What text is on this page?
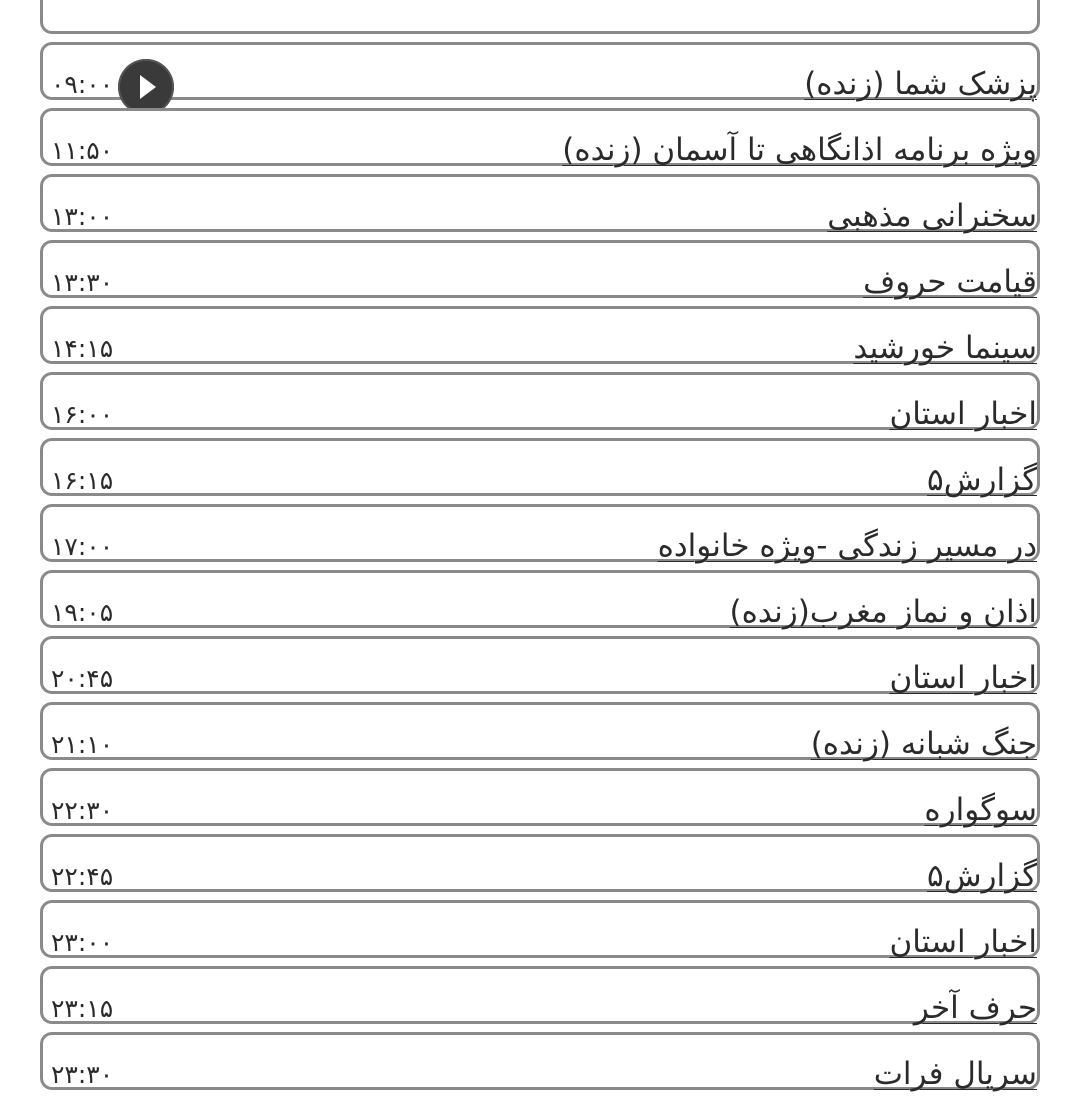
پزشک شما (زنده)
۰۹:۰۰
ویژه برنامه اذانگاهی تا آسمان (زنده)
۱۱:۵۰
سخنرانی مذهبی
۱۳:۰۰
قیامت حروف
۱۳:۳۰
سینما خورشید
۱۴:۱۵
اخبار استان
۱۶:۰۰
گزارش۵
۱۶:۱۵
در مسیر زندگی -ویژه خانواده
۱۷:۰۰
اذان و نماز مغرب(زنده)
۱۹:۰۵
اخبار استان
۲۰:۴۵
جنگ شبانه (زنده)
۲۱:۱۰
سوگواره
۲۲:۳۰
گزارش۵
۲۲:۴۵
اخبار استان
۲۳:۰۰
حرف آخر
۲۳:۱۵
سریال فرات
۲۳:۳۰
